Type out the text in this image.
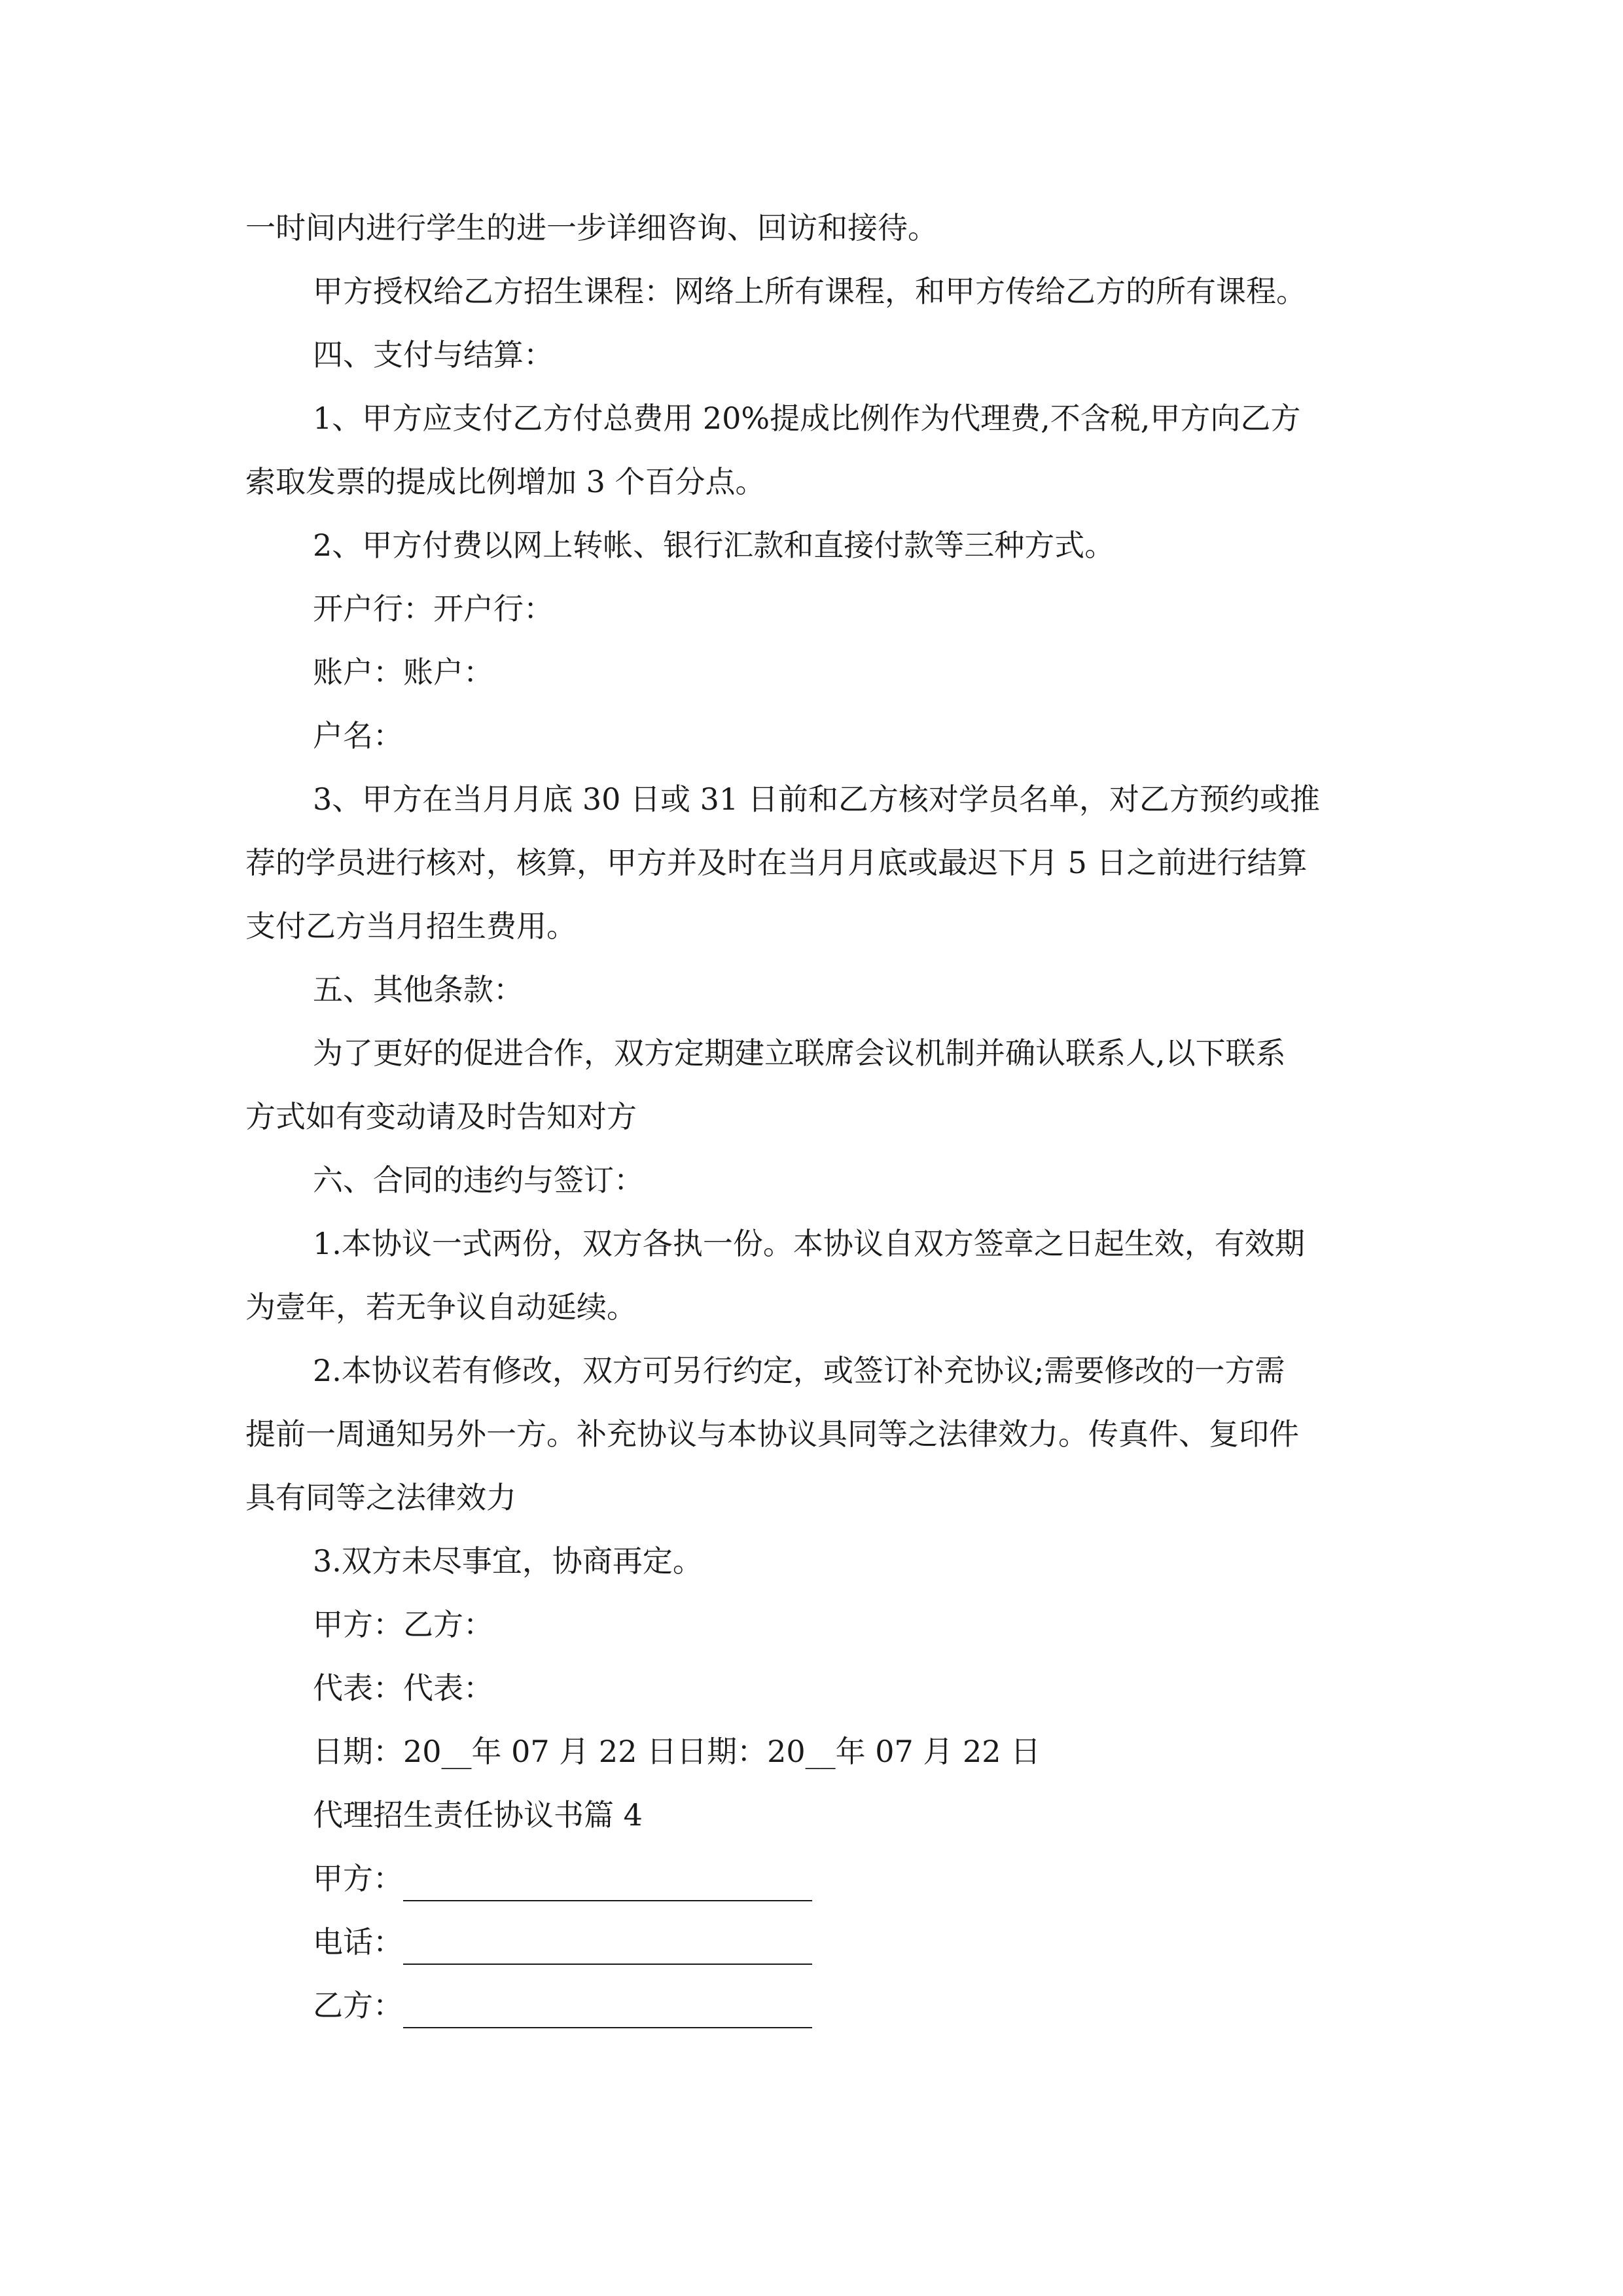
一时间内进行学生的进一步详细咨询、回访和接待。
甲方授权给乙方招生课程：网络上所有课程，和甲方传给乙方的所有课程。
四、支付与结算：
1、甲方应支付乙方付总费用 20%提成比例作为代理费,不含税,甲方向乙方
索取发票的提成比例增加 3 个百分点。
2、甲方付费以网上转帐、银行汇款和直接付款等三种方式。
开户行：开户行：
账户：账户：
户名：
3、甲方在当月月底 30 日或 31 日前和乙方核对学员名单，对乙方预约或推
荐的学员进行核对，核算，甲方并及时在当月月底或最迟下月 5 日之前进行结算
支付乙方当月招生费用。
五、其他条款：
为了更好的促进合作，双方定期建立联席会议机制并确认联系人,以下联系
方式如有变动请及时告知对方
六、合同的违约与签订：
1.本协议一式两份，双方各执一份。本协议自双方签章之日起生效，有效期
为壹年，若无争议自动延续。
2.本协议若有修改，双方可另行约定，或签订补充协议;需要修改的一方需
提前一周通知另外一方。补充协议与本协议具同等之法律效力。传真件、复印件
具有同等之法律效力
3.双方未尽事宜，协商再定。
甲方：乙方：
代表：代表：
日期：20__年 07 月 22 日日期：20__年 07 月 22 日
代理招生责任协议书篇 4
甲方：
电话：
乙方：
